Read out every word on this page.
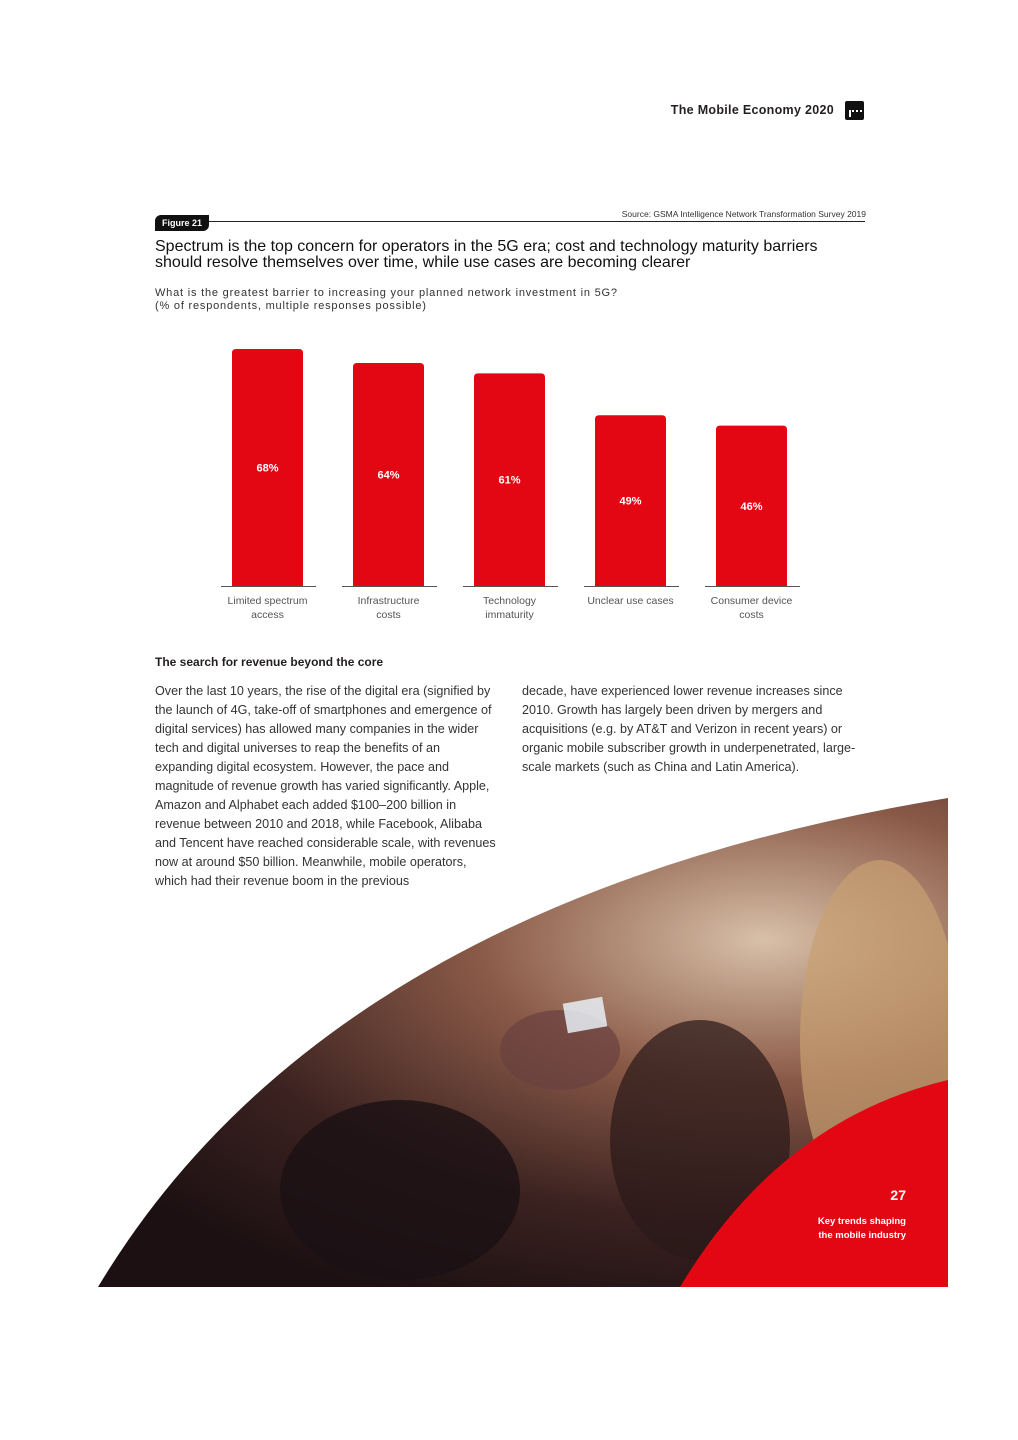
The Mobile Economy 2020
Source: GSMA Intelligence Network Transformation Survey 2019
Figure 21
Spectrum is the top concern for operators in the 5G era; cost and technology maturity barriers should resolve themselves over time, while use cases are becoming clearer
What is the greatest barrier to increasing your planned network investment in 5G?
(% of respondents, multiple responses possible)
68%
Limited spectrum
access
64%
Infrastructure
costs
61%
Technology
immaturity
49%
Unclear use cases
46%
Consumer device
costs
The search for revenue beyond the core
Over the last 10 years, the rise of the digital era (signified by the launch of 4G, take-off of smartphones and emergence of digital services) has allowed many companies in the wider tech and digital universes to reap the benefits of an expanding digital ecosystem. However, the pace and magnitude of revenue growth has varied significantly. Apple, Amazon and Alphabet each added $100–200 billion in revenue between 2010 and 2018, while Facebook, Alibaba and Tencent have reached considerable scale, with revenues now at around $50 billion. Meanwhile, mobile operators, which had their revenue boom in the previous
decade, have experienced lower revenue increases since 2010. Growth has largely been driven by mergers and acquisitions (e.g. by AT&T and Verizon in recent years) or organic mobile subscriber growth in underpenetrated, large-scale markets (such as China and Latin America).
27
Key trends shaping
the mobile industry
